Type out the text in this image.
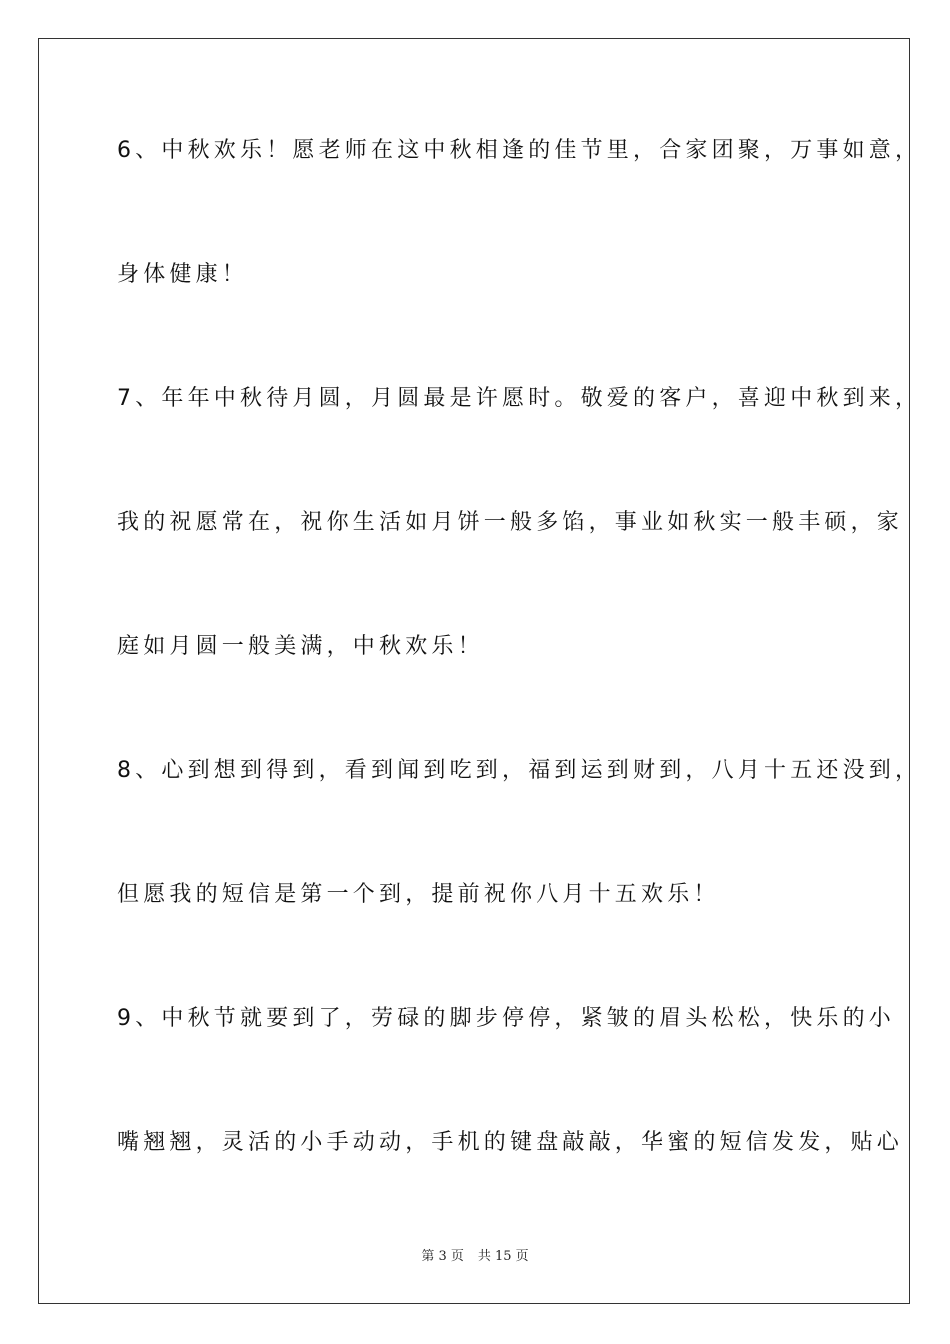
6、中秋欢乐！愿老师在这中秋相逢的佳节里，合家团聚，万事如意，

身体健康！

7、年年中秋待月圆，月圆最是许愿时。敬爱的客户，喜迎中秋到来，

我的祝愿常在，祝你生活如月饼一般多馅，事业如秋实一般丰硕，家

庭如月圆一般美满，中秋欢乐！

8、心到想到得到，看到闻到吃到，福到运到财到，八月十五还没到，

但愿我的短信是第一个到，提前祝你八月十五欢乐！

9、中秋节就要到了，劳碌的脚步停停，紧皱的眉头松松，快乐的小

嘴翘翘，灵活的小手动动，手机的键盘敲敲，华蜜的短信发发，贴心

第 3 页 共 15 页
